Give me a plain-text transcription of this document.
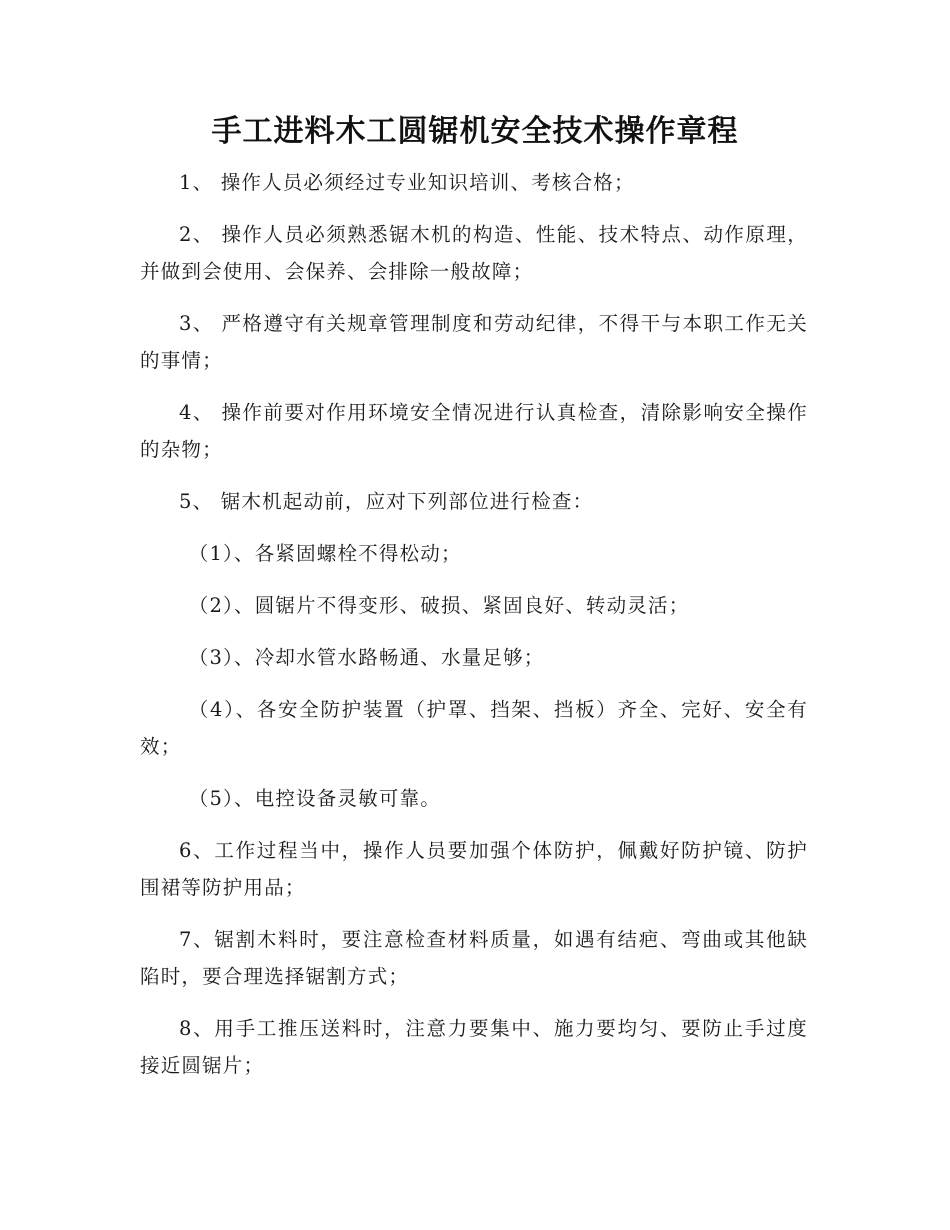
手工进料木工圆锯机安全技术操作章程

1、 操作人员必须经过专业知识培训、考核合格；

2、 操作人员必须熟悉锯木机的构造、性能、技术特点、动作原理，并做到会使用、会保养、会排除一般故障；

3、 严格遵守有关规章管理制度和劳动纪律，不得干与本职工作无关的事情；

4、 操作前要对作用环境安全情况进行认真检查，清除影响安全操作的杂物；

5、 锯木机起动前，应对下列部位进行检查：

（1）、各紧固螺栓不得松动；

（2）、圆锯片不得变形、破损、紧固良好、转动灵活；

（3）、冷却水管水路畅通、水量足够；

（4）、各安全防护装置（护罩、挡架、挡板）齐全、完好、安全有效；

（5）、电控设备灵敏可靠。

6、工作过程当中，操作人员要加强个体防护，佩戴好防护镜、防护围裙等防护用品；

7、锯割木料时，要注意检查材料质量，如遇有结疤、弯曲或其他缺陷时，要合理选择锯割方式；

8、用手工推压送料时，注意力要集中、施力要均匀、要防止手过度接近圆锯片；
